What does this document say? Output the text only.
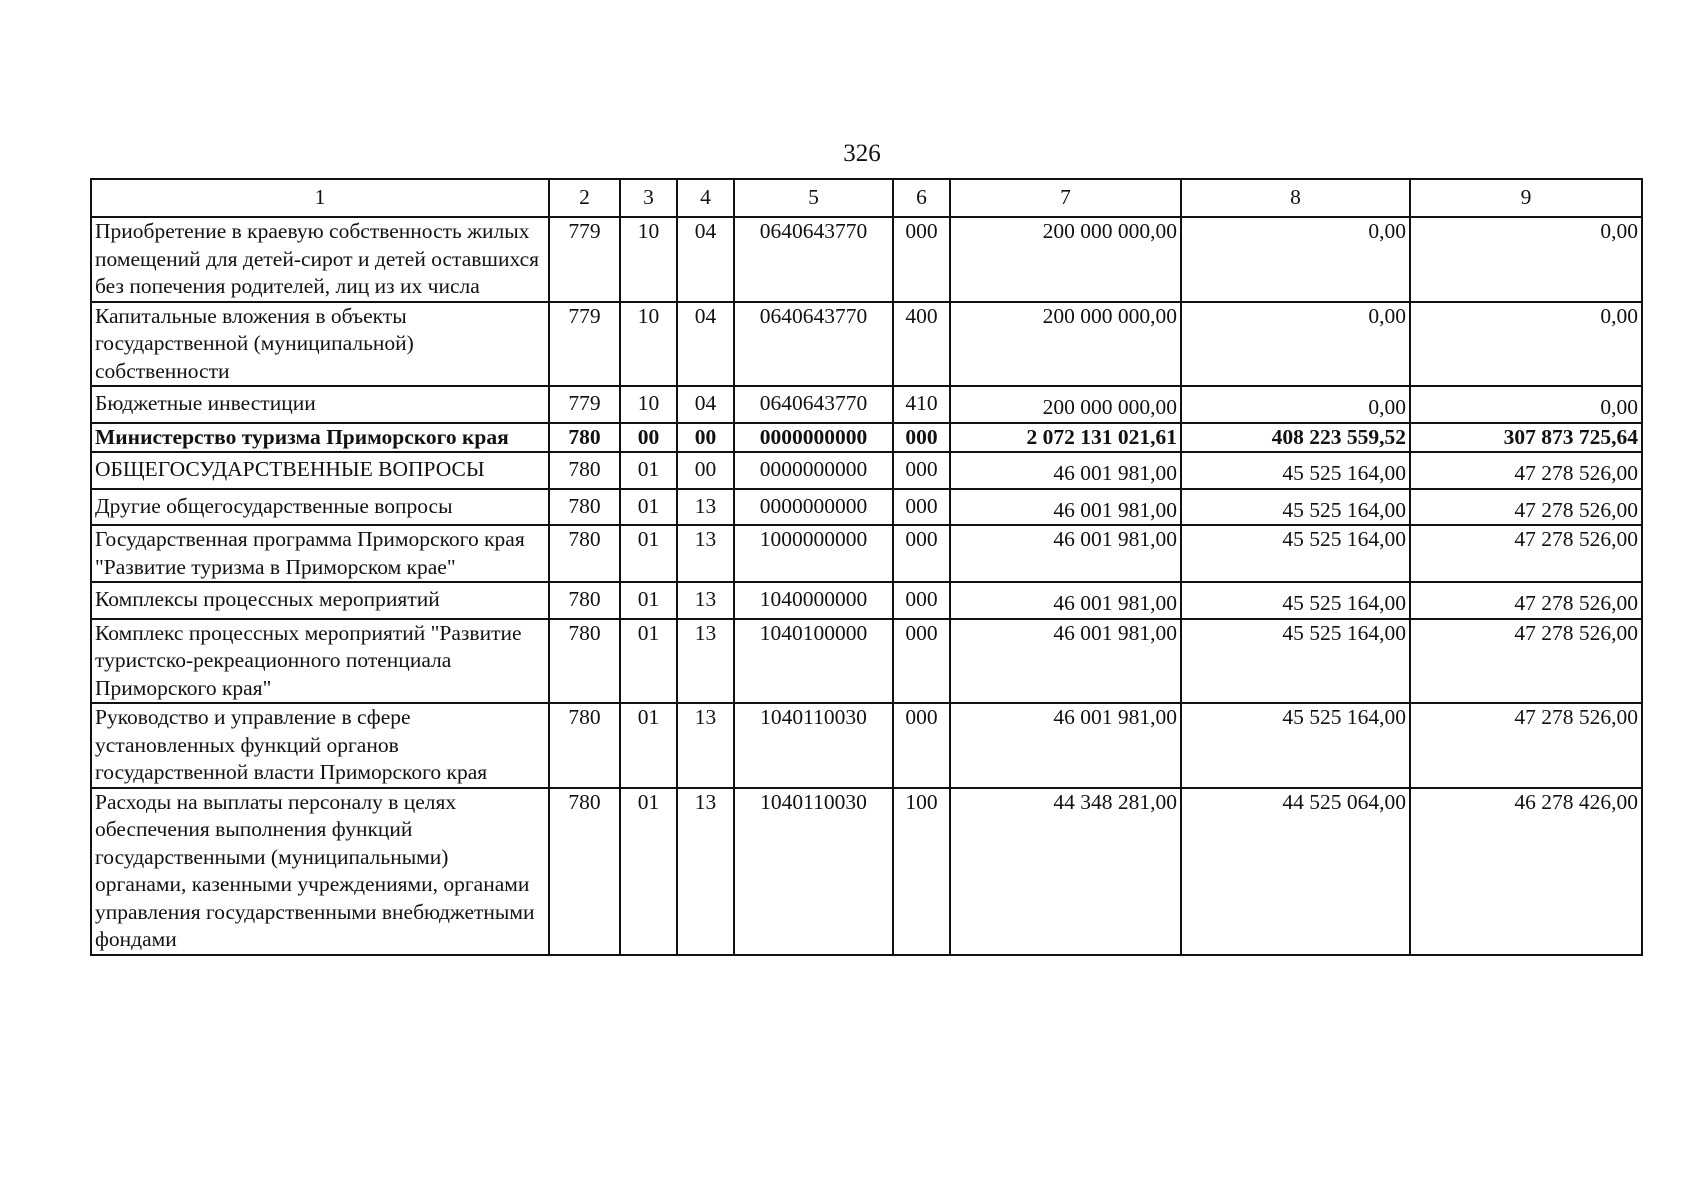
326
1	2	3	4	5	6	7	8	9
Приобретение в краевую собственность жилых помещений для детей-сирот и детей оставшихся без попечения родителей, лиц из их числа	779	10	04	0640643770	000	200 000 000,00	0,00	0,00
Капитальные вложения в объекты государственной (муниципальной) собственности	779	10	04	0640643770	400	200 000 000,00	0,00	0,00
Бюджетные инвестиции	779	10	04	0640643770	410	200 000 000,00	0,00	0,00
Министерство туризма Приморского края	780	00	00	0000000000	000	2 072 131 021,61	408 223 559,52	307 873 725,64
ОБЩЕГОСУДАРСТВЕННЫЕ ВОПРОСЫ	780	01	00	0000000000	000	46 001 981,00	45 525 164,00	47 278 526,00
Другие общегосударственные вопросы	780	01	13	0000000000	000	46 001 981,00	45 525 164,00	47 278 526,00
Государственная программа Приморского края "Развитие туризма в Приморском крае"	780	01	13	1000000000	000	46 001 981,00	45 525 164,00	47 278 526,00
Комплексы процессных мероприятий	780	01	13	1040000000	000	46 001 981,00	45 525 164,00	47 278 526,00
Комплекс процессных мероприятий "Развитие туристско-рекреационного потенциала Приморского края"	780	01	13	1040100000	000	46 001 981,00	45 525 164,00	47 278 526,00
Руководство и управление в сфере установленных функций органов государственной власти Приморского края	780	01	13	1040110030	000	46 001 981,00	45 525 164,00	47 278 526,00
Расходы на выплаты персоналу в целях обеспечения выполнения функций государственными (муниципальными) органами, казенными учреждениями, органами управления государственными внебюджетными фондами	780	01	13	1040110030	100	44 348 281,00	44 525 064,00	46 278 426,00
